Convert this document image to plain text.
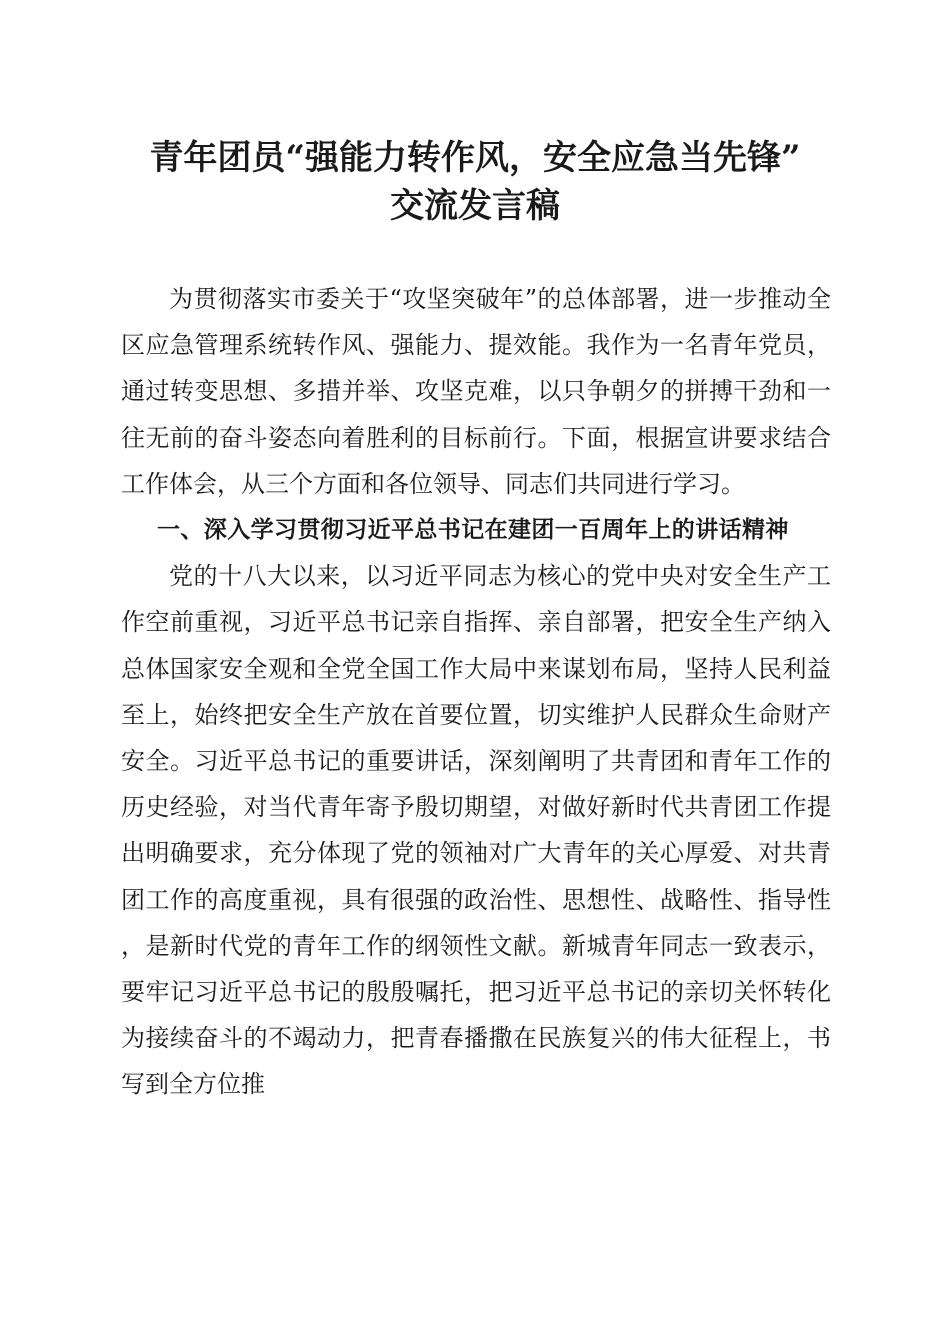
青年团员“强能力转作风，安全应急当先锋”
交流发言稿

为贯彻落实市委关于“攻坚突破年”的总体部署，进一步推动全区应急管理系统转作风、强能力、提效能。我作为一名青年党员，通过转变思想、多措并举、攻坚克难，以只争朝夕的拼搏干劲和一往无前的奋斗姿态向着胜利的目标前行。下面，根据宣讲要求结合工作体会，从三个方面和各位领导、同志们共同进行学习。

一、深入学习贯彻习近平总书记在建团一百周年上的讲话精神

党的十八大以来，以习近平同志为核心的党中央对安全生产工作空前重视，习近平总书记亲自指挥、亲自部署，把安全生产纳入总体国家安全观和全党全国工作大局中来谋划布局，坚持人民利益至上，始终把安全生产放在首要位置，切实维护人民群众生命财产安全。习近平总书记的重要讲话，深刻阐明了共青团和青年工作的历史经验，对当代青年寄予殷切期望，对做好新时代共青团工作提出明确要求，充分体现了党的领袖对广大青年的关心厚爱、对共青团工作的高度重视，具有很强的政治性、思想性、战略性、指导性，是新时代党的青年工作的纲领性文献。新城青年同志一致表示，要牢记习近平总书记的殷殷嘱托，把习近平总书记的亲切关怀转化为接续奋斗的不竭动力，把青春播撒在民族复兴的伟大征程上，书写到全方位推
